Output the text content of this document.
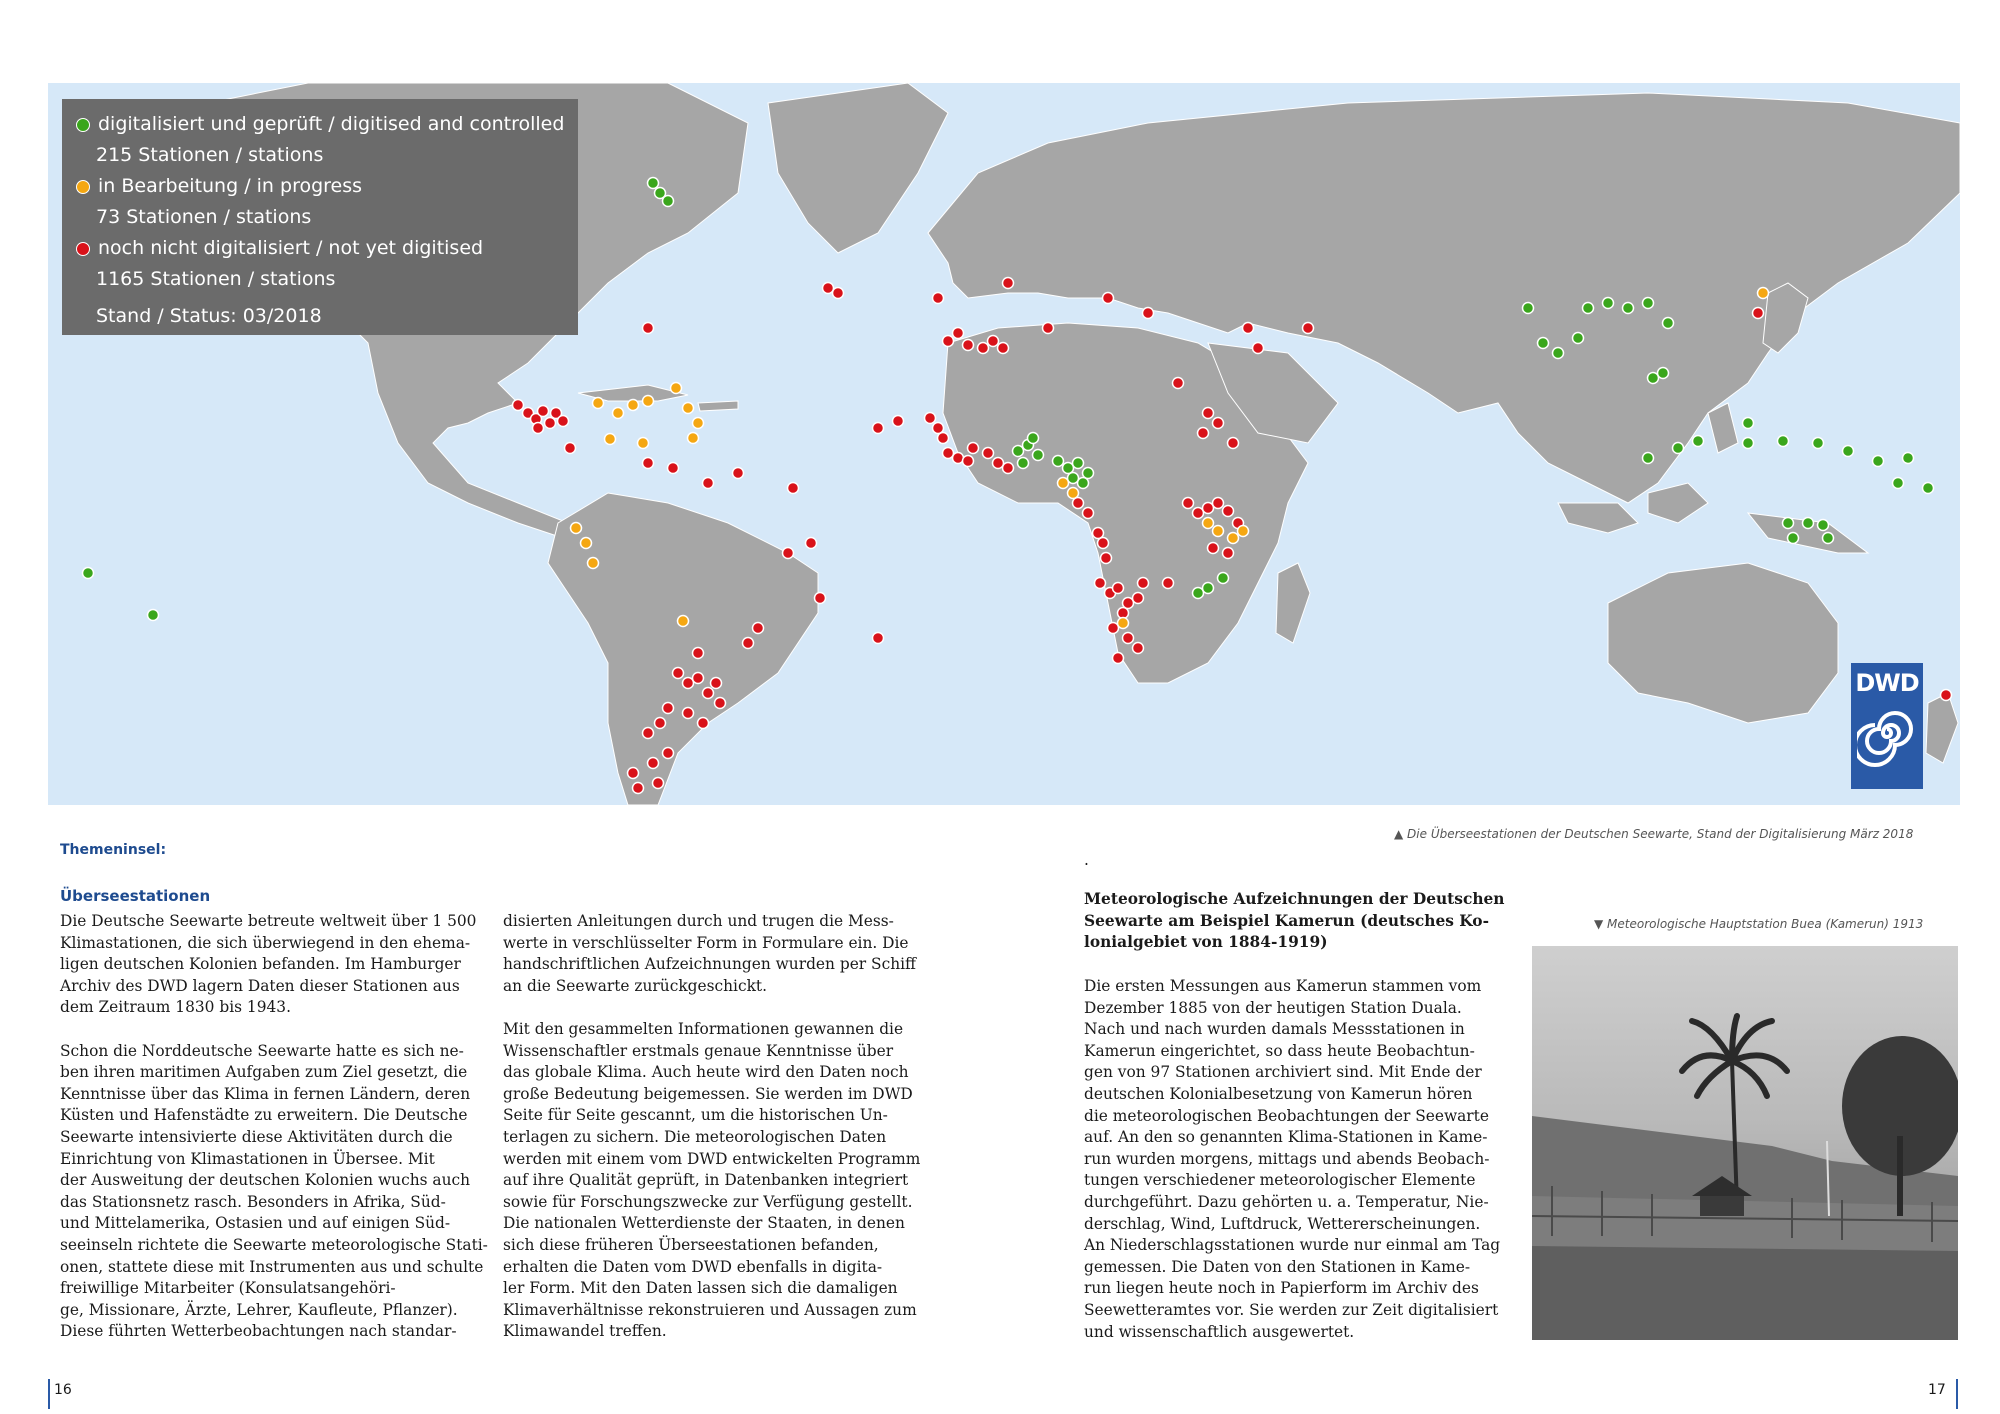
digitalisiert und geprüft / digitised and controlled
215 Stationen / stations
in Bearbeitung / in progress
73 Stationen / stations
noch nicht digitalisiert / not yet digitised
1165 Stationen / stations
Stand / Status: 03/2018
DWD
▲ Die Überseestationen der Deutschen Seewarte, Stand der Digitalisierung März 2018
Themeninsel:
Überseestationen
Die Deutsche Seewarte betreute weltweit über 1 500
Klimastationen, die sich überwiegend in den ehema-
ligen deutschen Kolonien befanden. Im Hamburger
Archiv des DWD lagern Daten dieser Stationen aus
dem Zeitraum 1830 bis 1943.

Schon die Norddeutsche Seewarte hatte es sich ne-
ben ihren maritimen Aufgaben zum Ziel gesetzt, die
Kenntnisse über das Klima in fernen Ländern, deren
Küsten und Hafenstädte zu erweitern. Die Deutsche
Seewarte intensivierte diese Aktivitäten durch die
Einrichtung von Klimastationen in Übersee. Mit
der Ausweitung der deutschen Kolonien wuchs auch
das Stationsnetz rasch. Besonders in Afrika, Süd-
und Mittelamerika, Ostasien und auf einigen Süd-
seeinseln richtete die Seewarte meteorologische Stati-
onen, stattete diese mit Instrumenten aus und schulte
freiwillige Mitarbeiter (Konsulatsangehöri-
ge, Missionare, Ärzte, Lehrer, Kaufleute, Pflanzer).
Diese führten Wetterbeobachtungen nach standar-
disierten Anleitungen durch und trugen die Mess-
werte in verschlüsselter Form in Formulare ein. Die
handschriftlichen Aufzeichnungen wurden per Schiff
an die Seewarte zurückgeschickt.

Mit den gesammelten Informationen gewannen die
Wissenschaftler erstmals genaue Kenntnisse über
das globale Klima. Auch heute wird den Daten noch
große Bedeutung beigemessen. Sie werden im DWD
Seite für Seite gescannt, um die historischen Un-
terlagen zu sichern. Die meteorologischen Daten
werden mit einem vom DWD entwickelten Programm
auf ihre Qualität geprüft, in Datenbanken integriert
sowie für Forschungszwecke zur Verfügung gestellt.
Die nationalen Wetterdienste der Staaten, in denen
sich diese früheren Überseestationen befanden,
erhalten die Daten vom DWD ebenfalls in digita-
ler Form. Mit den Daten lassen sich die damaligen
Klimaverhältnisse rekonstruieren und Aussagen zum
Klimawandel treffen.
.
Meteorologische Aufzeichnungen der Deutschen
Seewarte am Beispiel Kamerun (deutsches Ko-
lonialgebiet von 1884-1919)
Die ersten Messungen aus Kamerun stammen vom
Dezember 1885 von der heutigen Station Duala.
Nach und nach wurden damals Messstationen in
Kamerun eingerichtet, so dass heute Beobachtun-
gen von 97 Stationen archiviert sind. Mit Ende der
deutschen Kolonialbesetzung von Kamerun hören
die meteorologischen Beobachtungen der Seewarte
auf. An den so genannten Klima-Stationen in Kame-
run wurden morgens, mittags und abends Beobach-
tungen verschiedener meteorologischer Elemente
durchgeführt. Dazu gehörten u. a. Temperatur, Nie-
derschlag, Wind, Luftdruck, Wettererscheinungen.
An Niederschlagsstationen wurde nur einmal am Tag
gemessen. Die Daten von den Stationen in Kame-
run liegen heute noch in Papierform im Archiv des
Seewetteramtes vor. Sie werden zur Zeit digitalisiert
und wissenschaftlich ausgewertet.
▼ Meteorologische Hauptstation Buea (Kamerun) 1913
16	17
